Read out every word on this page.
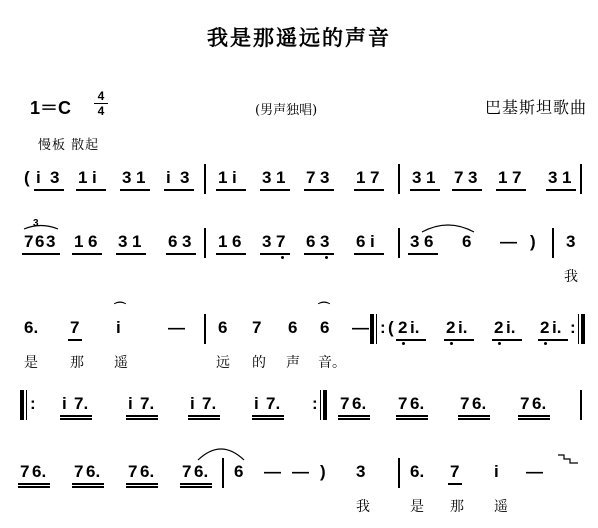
我是那遥远的声音
1＝C
4
4	(男声独唱)	巴基斯坦歌曲
慢板 散起
( i 3 1 i 3 1 i 3 1 i 3 1 7 3 1 7 3 1 7 3 1 7 3 1
3
7 6 3 1 6 3 1 6 3 1 6 3 7 6 3 6 i 3 6 6 — ) 3
我
6. 7
⌒
i	— 6 7 6
⌒
6 — : ( 2 i. 2 i. 2 i. 2 i. :
是 那 遥	远 的 声 音。
: i 7. i 7. i 7. i 7. : 7 6. 7 6. 7 6. 7 6.
7 6. 7 6. 7 6. 7 6. 6 — — ) 3	6. 7 i —
我	是 那 遥
